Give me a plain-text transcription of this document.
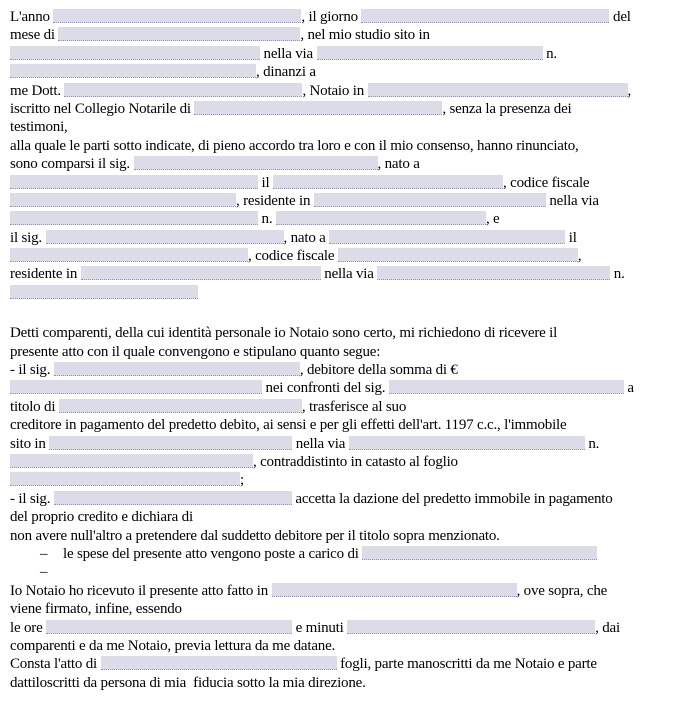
L'anno	, il giorno	del
mese di	, nel mio studio sito in
nella via	n.
, dinanzi a
me Dott.	, Notaio in	,
iscritto nel Collegio Notarile di	, senza la presenza dei
testimoni,
alla quale le parti sotto indicate, di pieno accordo tra loro e con il mio consenso, hanno rinunciato,
sono comparsi il sig.	, nato a
il	, codice fiscale
, residente in	nella via
n.	, e
il sig.	, nato a	il
, codice fiscale	,
residente in	nella via	n.
Detti comparenti, della cui identità personale io Notaio sono certo, mi richiedono di ricevere il
presente atto con il quale convengono e stipulano quanto segue:
- il sig.	, debitore della somma di €
nei confronti del sig.	a
titolo di	, trasferisce al suo
creditore in pagamento del predetto debito, ai sensi e per gli effetti dell'art. 1197 c.c., l'immobile
sito in	nella via	n.
, contraddistinto in catasto al foglio
;
- il sig.	accetta la dazione del predetto immobile in pagamento
del proprio credito e dichiara di
non avere null'altro a pretendere dal suddetto debitore per il titolo sopra menzionato.
– le spese del presente atto vengono poste a carico di
–
Io Notaio ho ricevuto il presente atto fatto in	, ove sopra, che
viene firmato, infine, essendo
le ore	e minuti	, dai
comparenti e da me Notaio, previa lettura da me datane.
Consta l'atto di	fogli, parte manoscritti da me Notaio e parte
dattiloscritti da persona di mia  fiducia sotto la mia direzione.
